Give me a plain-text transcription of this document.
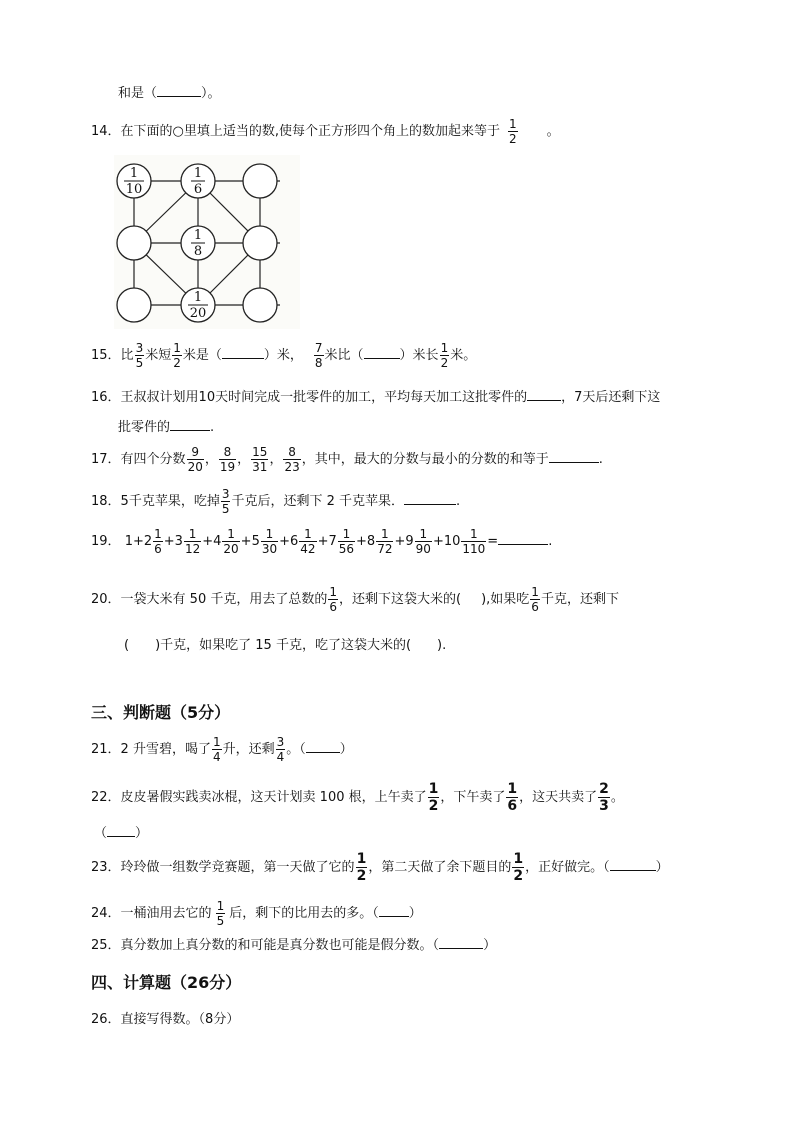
和是（	）。
14．在下面的○里填上适当的数,使每个正方形四个角上的数加起来等于 $\frac{1}{2}$ 。
1
10
1
6
1
8
1
20
15．比 $\frac{3}{5}$ 米短 $\frac{1}{2}$ 米是（	）米， $\frac{7}{8}$ 米比（	）米长 $\frac{1}{2}$ 米。
16．王叔叔计划用10天时间完成一批零件的加工，平均每天加工这批零件的	，7天后还剩下这
批零件的	.
17．有四个分数 $\frac{9}{20}$ ， $\frac{8}{19}$ ， $\frac{15}{31}$ ， $\frac{8}{23}$ ，其中，最大的分数与最小的分数的和等于	.
18．5千克苹果，吃掉 $\frac{3}{5}$ 千克后，还剩下 2 千克苹果．	.
19． $1+2 \frac{1}{6} +3 \frac{1}{12} +4 \frac{1}{20} +5 \frac{1}{30} +6 \frac{1}{42} +7 \frac{1}{56} +8 \frac{1}{72} +9 \frac{1}{90} +10 \frac{1}{110}$ =	.
20．一袋大米有 50 千克，用去了总数的 $\frac{1}{6}$ ，还剩下这袋大米的( ),如果吃 $\frac{1}{6}$ 千克，还剩下
( )千克，如果吃了 15 千克，吃了这袋大米的( ).
三、判断题（5分）
21．2 升雪碧，喝了 $\frac{1}{4}$ 升，还剩 $\frac{3}{4}$ 。（	）
22．皮皮暑假实践卖冰棍，这天计划卖 100 根，上午卖了 $\frac{1}{2}$ ，下午卖了 $\frac{1}{6}$ ，这天共卖了 $\frac{2}{3}$ 。
（ ）
23．玲玲做一组数学竞赛题，第一天做了它的 $\frac{1}{2}$ ，第二天做了余下题目的 $\frac{1}{2}$ ，正好做完。（	）
24．一桶油用去它的 $\frac{1}{5}$ 后，剩下的比用去的多。（ ）
25．真分数加上真分数的和可能是真分数也可能是假分数。（	）
四、计算题（26分）
26．直接写得数。（8分）
